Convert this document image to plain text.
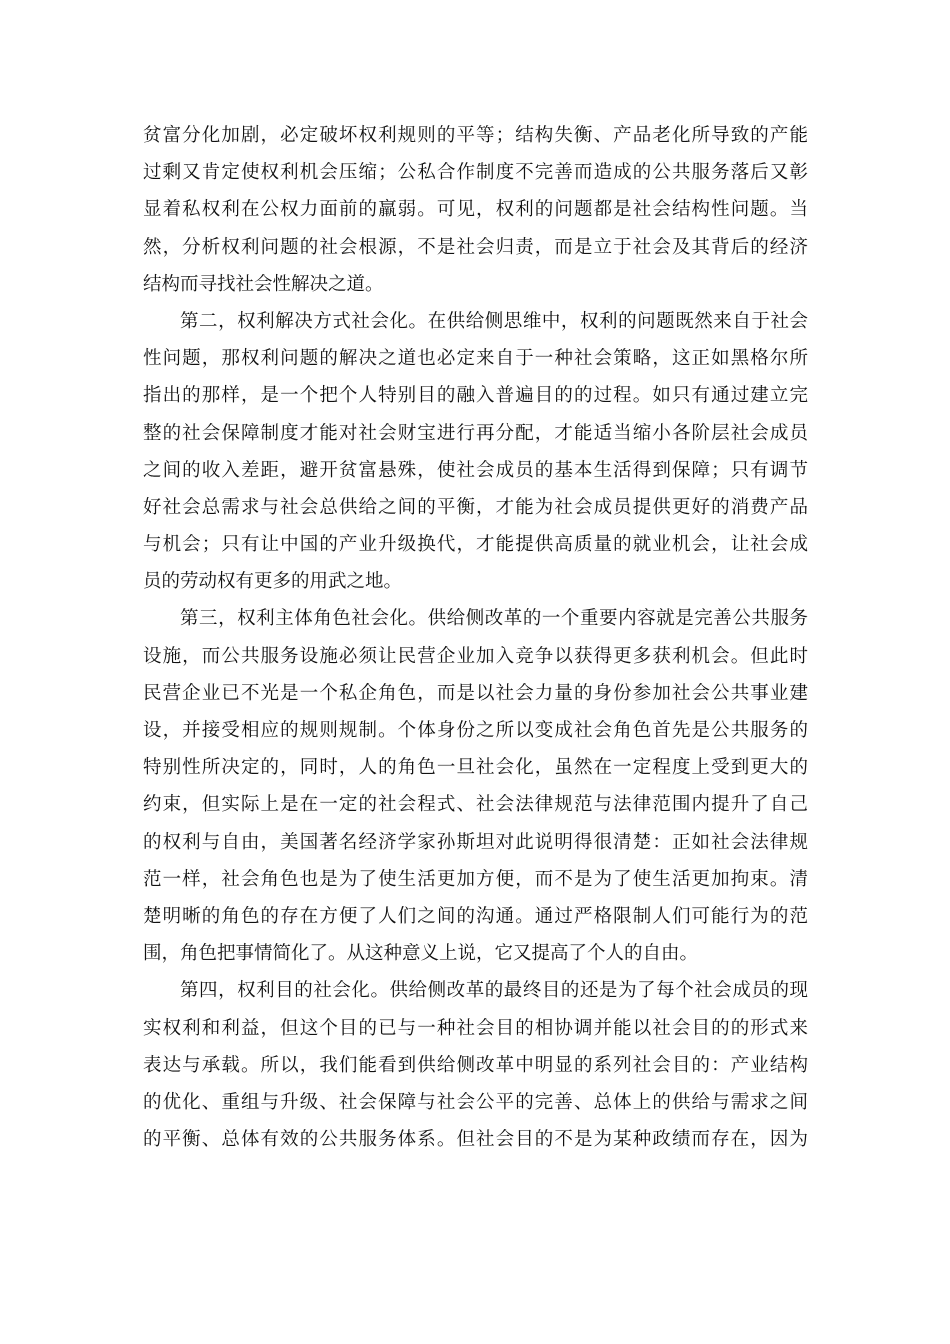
贫富分化加剧，必定破坏权利规则的平等；结构失衡、产品老化所导致的产能
过剩又肯定使权利机会压缩；公私合作制度不完善而造成的公共服务落后又彰
显着私权利在公权力面前的羸弱。可见，权利的问题都是社会结构性问题。当
然，分析权利问题的社会根源，不是社会归责，而是立于社会及其背后的经济
结构而寻找社会性解决之道。
第二，权利解决方式社会化。在供给侧思维中，权利的问题既然来自于社会
性问题，那权利问题的解决之道也必定来自于一种社会策略，这正如黑格尔所
指出的那样，是一个把个人特别目的融入普遍目的的过程。如只有通过建立完
整的社会保障制度才能对社会财宝进行再分配，才能适当缩小各阶层社会成员
之间的收入差距，避开贫富悬殊，使社会成员的基本生活得到保障；只有调节
好社会总需求与社会总供给之间的平衡，才能为社会成员提供更好的消费产品
与机会；只有让中国的产业升级换代，才能提供高质量的就业机会，让社会成
员的劳动权有更多的用武之地。
第三，权利主体角色社会化。供给侧改革的一个重要内容就是完善公共服务
设施，而公共服务设施必须让民营企业加入竞争以获得更多获利机会。但此时
民营企业已不光是一个私企角色，而是以社会力量的身份参加社会公共事业建
设，并接受相应的规则规制。个体身份之所以变成社会角色首先是公共服务的
特别性所决定的，同时，人的角色一旦社会化，虽然在一定程度上受到更大的
约束，但实际上是在一定的社会程式、社会法律规范与法律范围内提升了自己
的权利与自由，美国著名经济学家孙斯坦对此说明得很清楚：正如社会法律规
范一样，社会角色也是为了使生活更加方便，而不是为了使生活更加拘束。清
楚明晰的角色的存在方便了人们之间的沟通。通过严格限制人们可能行为的范
围，角色把事情简化了。从这种意义上说，它又提高了个人的自由。
第四，权利目的社会化。供给侧改革的最终目的还是为了每个社会成员的现
实权利和利益，但这个目的已与一种社会目的相协调并能以社会目的的形式来
表达与承载。所以，我们能看到供给侧改革中明显的系列社会目的：产业结构
的优化、重组与升级、社会保障与社会公平的完善、总体上的供给与需求之间
的平衡、总体有效的公共服务体系。但社会目的不是为某种政绩而存在，因为
